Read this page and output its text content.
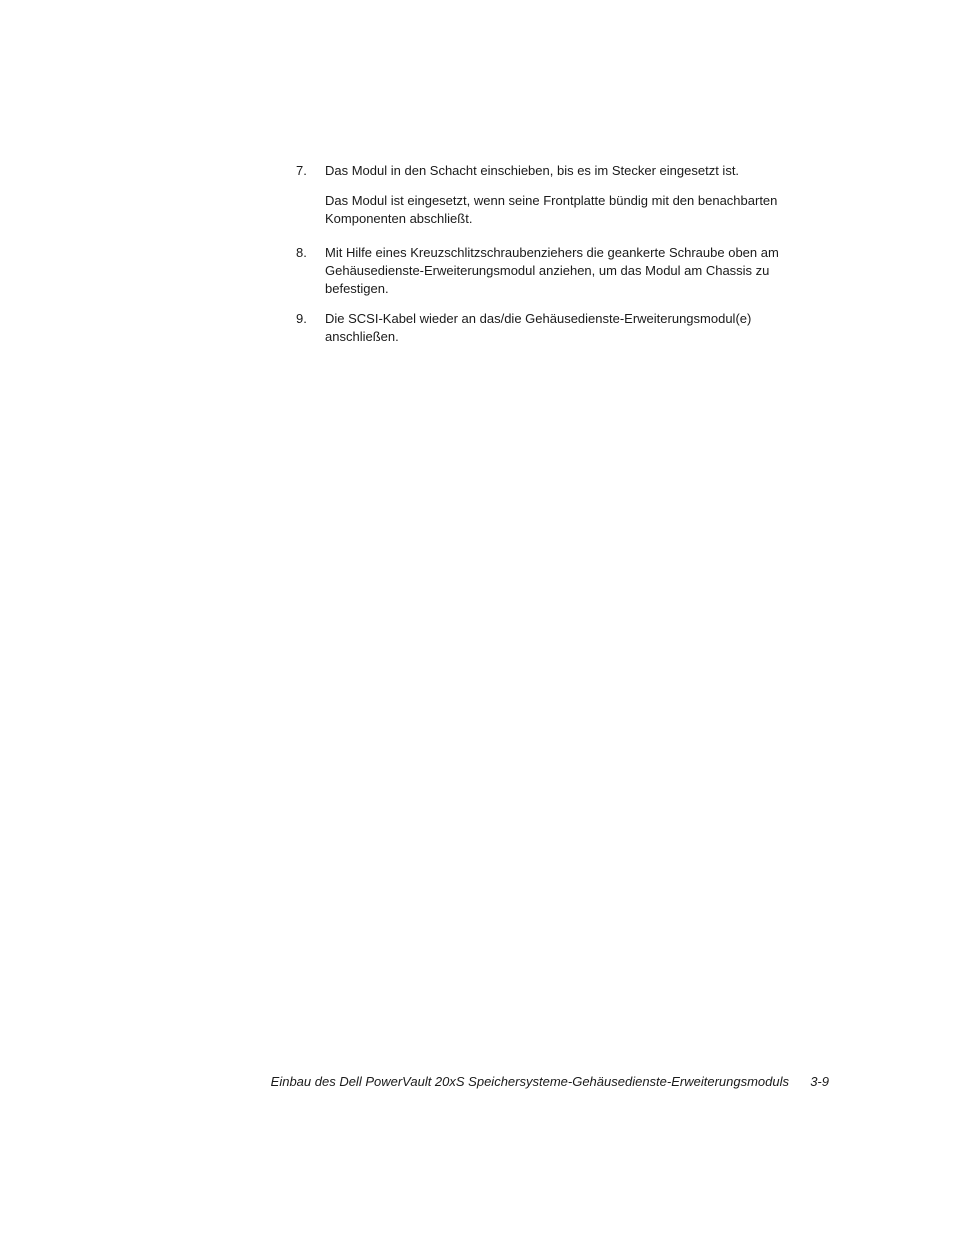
7. Das Modul in den Schacht einschieben, bis es im Stecker eingesetzt ist.

Das Modul ist eingesetzt, wenn seine Frontplatte bündig mit den benachbarten Komponenten abschließt.

8. Mit Hilfe eines Kreuzschlitzschraubenziehers die geankerte Schraube oben am Gehäusedienste-Erweiterungsmodul anziehen, um das Modul am Chassis zu befestigen.

9. Die SCSI-Kabel wieder an das/die Gehäusedienste-Erweiterungsmodul(e) anschließen.

Einbau des Dell PowerVault 20xS Speichersysteme-Gehäusedienste-Erweiterungsmoduls 3-9
